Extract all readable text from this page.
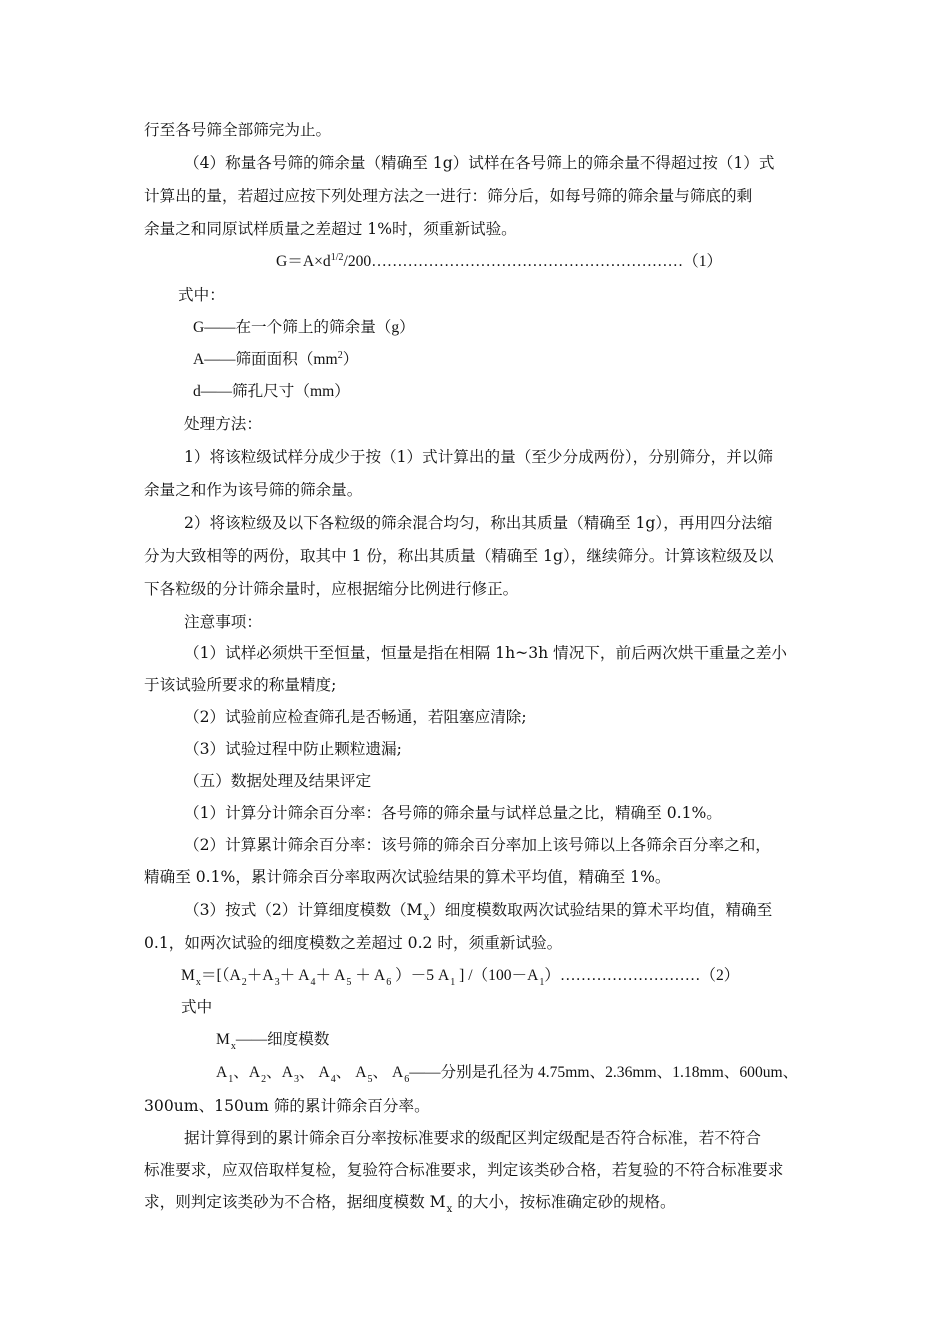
行至各号筛全部筛完为止。
（4）称量各号筛的筛余量（精确至 1g）试样在各号筛上的筛余量不得超过按（1）式
计算出的量，若超过应按下列处理方法之一进行：筛分后，如每号筛的筛余量与筛底的剩
余量之和同原试样质量之差超过 1%时，须重新试验。
$G=A\times d^{1/2}/200\dots\dots\dots\dots\dots\dots\dots\dots\dots\dots\dots\dots\dots\dots\dots\dots\dots\dots\dots\dots(1)$
式中：
G——在一个筛上的筛余量（g）
A——筛面面积$(mm^2)$
d——筛孔尺寸（mm）
处理方法：
1）将该粒级试样分成少于按（1）式计算出的量（至少分成两份），分别筛分，并以筛
余量之和作为该号筛的筛余量。
2）将该粒级及以下各粒级的筛余混合均匀，称出其质量（精确至 1g），再用四分法缩
分为大致相等的两份，取其中 1 份，称出其质量（精确至 1g），继续筛分。计算该粒级及以
下各粒级的分计筛余量时，应根据缩分比例进行修正。
注意事项：
（1）试样必须烘干至恒量，恒量是指在相隔 1h~3h 情况下，前后两次烘干重量之差小
于该试验所要求的称量精度;
（2）试验前应检查筛孔是否畅通，若阻塞应清除;
（3）试验过程中防止颗粒遗漏;
（五）数据处理及结果评定
（1）计算分计筛余百分率：各号筛的筛余量与试样总量之比，精确至 0.1%。
（2）计算累计筛余百分率：该号筛的筛余百分率加上该号筛以上各筛余百分率之和，
精确至 0.1%，累计筛余百分率取两次试验结果的算术平均值，精确至 1%。
（3）按式（2）计算细度模数$(M_x)$细度模数取两次试验结果的算术平均值，精确至
0.1，如两次试验的细度模数之差超过 0.2 时，须重新试验。
$M_x=[(A_2+A_3+ A_4+ A_5 + A_6$ ）－5 $A_1$ ] $/(100-A_1)\dots\dots\dots\dots\dots\dots\dots\dots\dots(2)$
式中
$M_x——$细度模数
$A_1$、$A_2$、$A_3$、 $A_4$、 $A_5$、 $A_6——$分别是孔径为 4.75mm、2.36mm、1.18mm、600um、
300um、150um 筛的累计筛余百分率。
据计算得到的累计筛余百分率按标准要求的级配区判定级配是否符合标准，若不符合
标准要求，应双倍取样复检，复验符合标准要求，判定该类砂合格，若复验的不符合标准要求
求，则判定该类砂为不合格，据细度模数 $M_x$ 的大小，按标准确定砂的规格。
